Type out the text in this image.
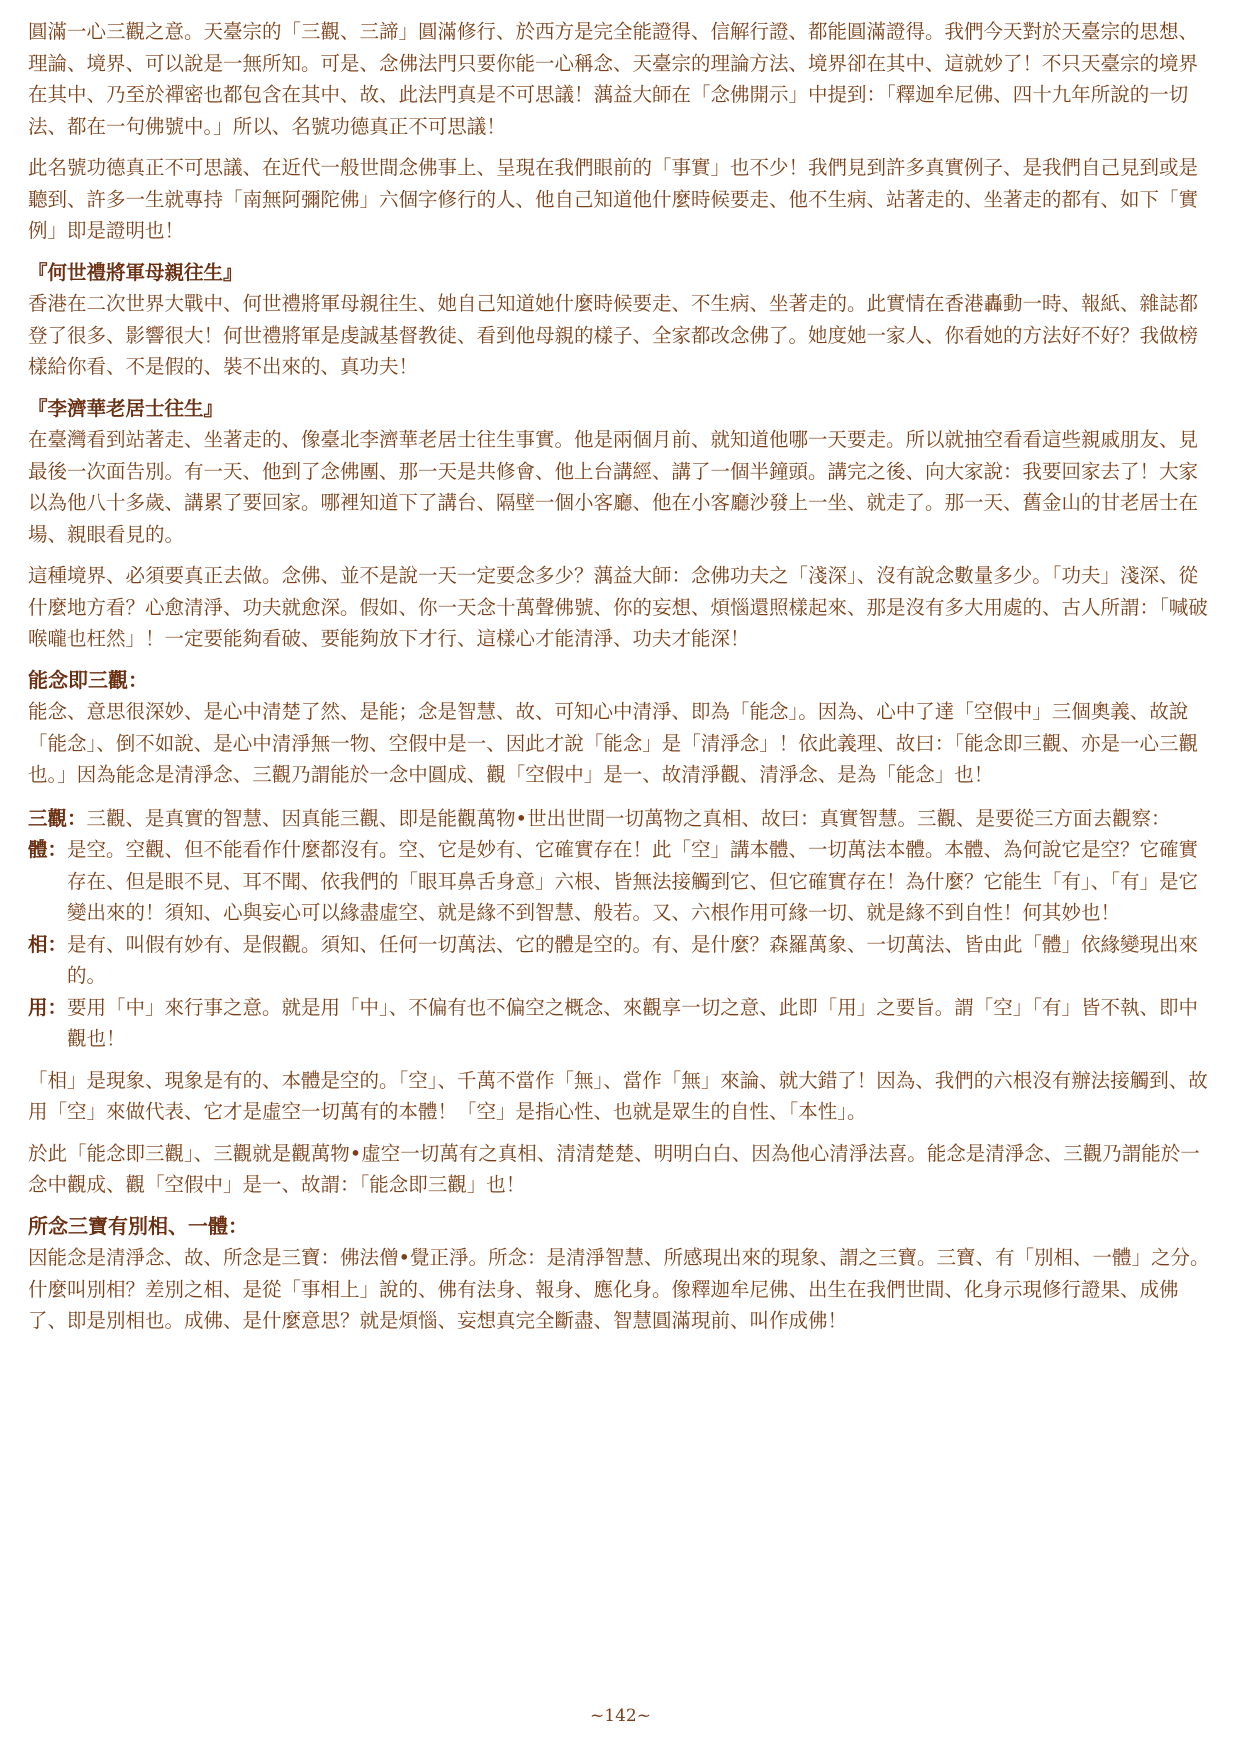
圓滿一心三觀之意。天臺宗的「三觀、三諦」圓滿修行、於西方是完全能證得、信解行證、都能圓滿證得。我們今天對於天臺宗的思想、理論、境界、可以說是一無所知。可是、念佛法門只要你能一心稱念、天臺宗的理論方法、境界卻在其中、這就妙了！不只天臺宗的境界在其中、乃至於禪密也都包含在其中、故、此法門真是不可思議！蕅益大師在「念佛開示」中提到：「釋迦牟尼佛、四十九年所說的一切法、都在一句佛號中。」所以、名號功德真正不可思議！

此名號功德真正不可思議、在近代一般世間念佛事上、呈現在我們眼前的「事實」也不少！我們見到許多真實例子、是我們自己見到或是聽到、許多一生就專持「南無阿彌陀佛」六個字修行的人、他自己知道他什麼時候要走、他不生病、站著走的、坐著走的都有、如下「實例」即是證明也！

『何世禮將軍母親往生』

香港在二次世界大戰中、何世禮將軍母親往生、她自己知道她什麼時候要走、不生病、坐著走的。此實情在香港轟動一時、報紙、雜誌都登了很多、影響很大！何世禮將軍是虔誠基督教徒、看到他母親的樣子、全家都改念佛了。她度她一家人、你看她的方法好不好？我做榜樣給你看、不是假的、裝不出來的、真功夫！

『李濟華老居士往生』

在臺灣看到站著走、坐著走的、像臺北李濟華老居士往生事實。他是兩個月前、就知道他哪一天要走。所以就抽空看看這些親戚朋友、見最後一次面告別。有一天、他到了念佛團、那一天是共修會、他上台講經、講了一個半鐘頭。講完之後、向大家說：我要回家去了！大家以為他八十多歲、講累了要回家。哪裡知道下了講台、隔壁一個小客廳、他在小客廳沙發上一坐、就走了。那一天、舊金山的甘老居士在場、親眼看見的。

這種境界、必須要真正去做。念佛、並不是說一天一定要念多少？蕅益大師：念佛功夫之「淺深」、沒有說念數量多少。「功夫」淺深、從什麼地方看？心愈清淨、功夫就愈深。假如、你一天念十萬聲佛號、你的妄想、煩惱還照樣起來、那是沒有多大用處的、古人所謂：「喊破喉嚨也枉然」！一定要能夠看破、要能夠放下才行、這樣心才能清淨、功夫才能深！

能念即三觀：

能念、意思很深妙、是心中清楚了然、是能；念是智慧、故、可知心中清淨、即為「能念」。因為、心中了達「空假中」三個奧義、故說「能念」、倒不如說、是心中清淨無一物、空假中是一、因此才說「能念」是「清淨念」！依此義理、故曰：「能念即三觀、亦是一心三觀也。」因為能念是清淨念、三觀乃謂能於一念中圓成、觀「空假中」是一、故清淨觀、清淨念、是為「能念」也！

三觀： 三觀、是真實的智慧、因真能三觀、即是能觀萬物•世出世間一切萬物之真相、故曰：真實智慧。三觀、是要從三方面去觀察：
體： 是空。空觀、但不能看作什麼都沒有。空、它是妙有、它確實存在！此「空」講本體、一切萬法本體。本體、為何說它是空？它確實存在、但是眼不見、耳不聞、依我們的「眼耳鼻舌身意」六根、皆無法接觸到它、但它確實存在！為什麼？它能生「有」、「有」是它變出來的！須知、心與妄心可以緣盡虛空、就是緣不到智慧、般若。又、六根作用可緣一切、就是緣不到自性！何其妙也！
相： 是有、叫假有妙有、是假觀。須知、任何一切萬法、它的體是空的。有、是什麼？森羅萬象、一切萬法、皆由此「體」依緣變現出來的。
用： 要用「中」來行事之意。就是用「中」、不偏有也不偏空之概念、來觀享一切之意、此即「用」之要旨。謂「空」「有」皆不執、即中觀也！

「相」是現象、現象是有的、本體是空的。「空」、千萬不當作「無」、當作「無」來論、就大錯了！因為、我們的六根沒有辦法接觸到、故用「空」來做代表、它才是虛空一切萬有的本體！「空」是指心性、也就是眾生的自性、「本性」。

於此「能念即三觀」、三觀就是觀萬物•虛空一切萬有之真相、清清楚楚、明明白白、因為他心清淨法喜。能念是清淨念、三觀乃謂能於一念中觀成、觀「空假中」是一、故謂：「能念即三觀」也！

所念三寶有別相、一體：

因能念是清淨念、故、所念是三寶：佛法僧•覺正淨。所念：是清淨智慧、所感現出來的現象、謂之三寶。三寶、有「別相、一體」之分。什麼叫別相？差別之相、是從「事相上」說的、佛有法身、報身、應化身。像釋迦牟尼佛、出生在我們世間、化身示現修行證果、成佛了、即是別相也。成佛、是什麼意思？就是煩惱、妄想真完全斷盡、智慧圓滿現前、叫作成佛！

~142~
